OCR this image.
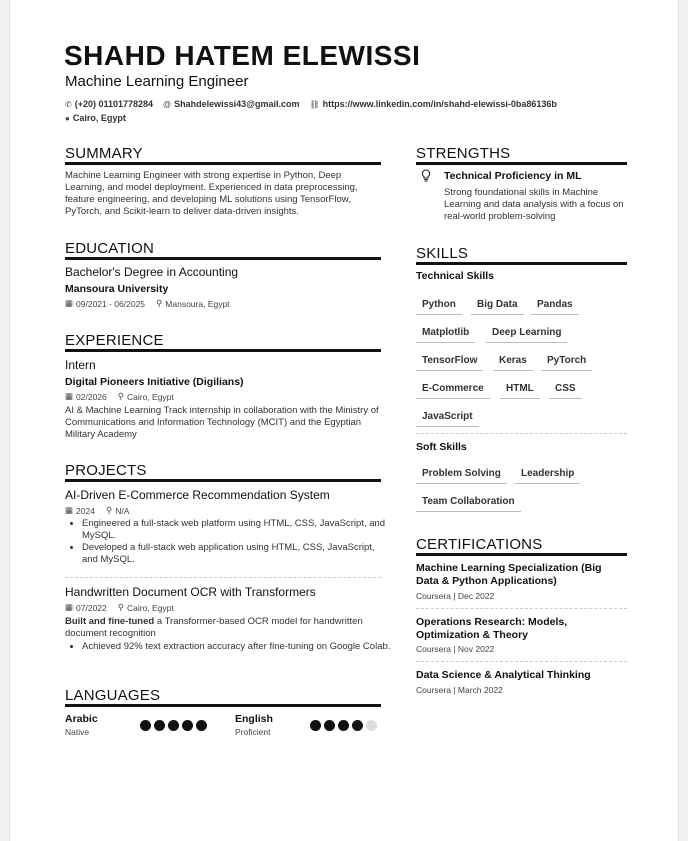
SHAHD HATEM ELEWISSI
Machine Learning Engineer
✆ (+20) 01101778284 @ Shahdelewissi43@gmail.com ⛓ https://www.linkedin.com/in/shahd-elewissi-0ba86136b
● Cairo, Egypt
SUMMARY
Machine Learning Engineer with strong expertise in Python, Deep Learning, and model deployment. Experienced in data preprocessing, feature engineering, and developing ML solutions using TensorFlow, PyTorch, and Scikit-learn to deliver data-driven insights.
EDUCATION
Bachelor's Degree in Accounting
Mansoura University
▦ 09/2021 - 06/2025 ⚲ Mansoura, Egypt
EXPERIENCE
Intern
Digital Pioneers Initiative (Digilians)
▦ 02/2026 ⚲ Cairo, Egypt
AI & Machine Learning Track internship in collaboration with the Ministry of Communications and Information Technology (MCIT) and the Egyptian Military Academy
PROJECTS
AI-Driven E-Commerce Recommendation System
▦ 2024 ⚲ N/A
• Engineered a full-stack web platform using HTML, CSS, JavaScript, and MySQL.
• Developed a full-stack web application using HTML, CSS, JavaScript, and MySQL.
Handwritten Document OCR with Transformers
▦ 07/2022 ⚲ Cairo, Egypt
Built and fine-tuned a Transformer-based OCR model for handwritten document recognition
• Achieved 92% text extraction accuracy after fine-tuning on Google Colab.
LANGUAGES
Arabic
Native
English
Proficient
STRENGTHS
Technical Proficiency in ML
Strong foundational skills in Machine Learning and data analysis with a focus on real-world problem-solving
SKILLS
Technical Skills
Python	Big Data	Pandas
Matplotlib	Deep Learning
TensorFlow	Keras	PyTorch
E-Commerce	HTML	CSS
JavaScript
Soft Skills
Problem Solving	Leadership
Team Collaboration
CERTIFICATIONS
Machine Learning Specialization (Big Data & Python Applications)
Coursera | Dec 2022
Operations Research: Models, Optimization & Theory
Coursera | Nov 2022
Data Science & Analytical Thinking
Coursera | March 2022
